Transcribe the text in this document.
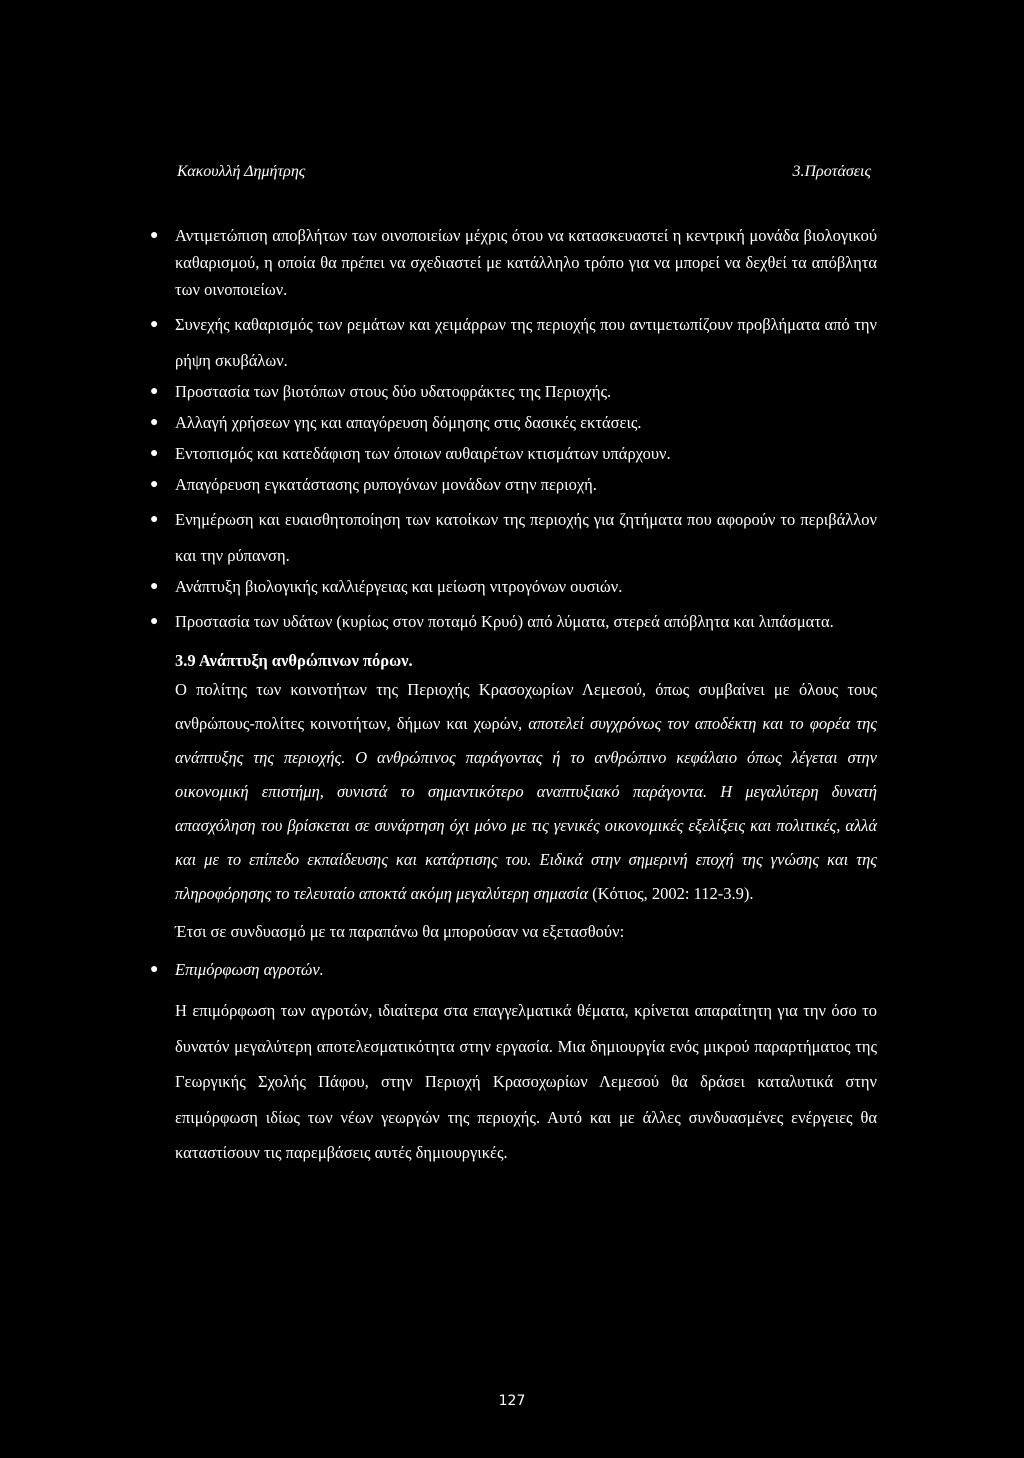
Κακουλλή Δημήτρης	3.Προτάσεις
● Αντιμετώπιση αποβλήτων των οινοποιείων μέχρις ότου να κατασκευαστεί η κεντρική μονάδα βιολογικού καθαρισμού, η οποία θα πρέπει να σχεδιαστεί με κατάλληλο τρόπο για να μπορεί να δεχθεί τα απόβλητα των οινοποιείων.
● Συνεχής καθαρισμός των ρεμάτων και χειμάρρων της περιοχής που αντιμετωπίζουν προβλήματα από την ρήψη σκυβάλων.
● Προστασία των βιοτόπων στους δύο υδατοφράκτες της Περιοχής.
● Αλλαγή χρήσεων γης και απαγόρευση δόμησης στις δασικές εκτάσεις.
● Εντοπισμός και κατεδάφιση των όποιων αυθαιρέτων κτισμάτων υπάρχουν.
● Απαγόρευση εγκατάστασης ρυπογόνων μονάδων στην περιοχή.
● Ενημέρωση και ευαισθητοποίηση των κατοίκων της περιοχής για ζητήματα που αφορούν το περιβάλλον και την ρύπανση.
● Ανάπτυξη βιολογικής καλλιέργειας και μείωση νιτρογόνων ουσιών.
● Προστασία των υδάτων (κυρίως στον ποταμό Κρυό) από λύματα, στερεά απόβλητα και λιπάσματα.
3.9 Ανάπτυξη ανθρώπινων πόρων.

Ο πολίτης των κοινοτήτων της Περιοχής Κρασοχωρίων Λεμεσού, όπως συμβαίνει με όλους τους ανθρώπους-πολίτες κοινοτήτων, δήμων και χωρών, αποτελεί συγχρόνως τον αποδέκτη και το φορέα της ανάπτυξης της περιοχής. Ο ανθρώπινος παράγοντας ή το ανθρώπινο κεφάλαιο όπως λέγεται στην οικονομική επιστήμη, συνιστά το σημαντικότερο αναπτυξιακό παράγοντα. Η μεγαλύτερη δυνατή απασχόληση του βρίσκεται σε συνάρτηση όχι μόνο με τις γενικές οικονομικές εξελίξεις και πολιτικές, αλλά και με το επίπεδο εκπαίδευσης και κατάρτισης του. Ειδικά στην σημερινή εποχή της γνώσης και της πληροφόρησης το τελευταίο αποκτά ακόμη μεγαλύτερη σημασία (Κότιος, 2002: 112-3.9).

Έτσι σε συνδυασμό με τα παραπάνω θα μπορούσαν να εξετασθούν:

● Επιμόρφωση αγροτών.

Η επιμόρφωση των αγροτών, ιδιαίτερα στα επαγγελματικά θέματα, κρίνεται απαραίτητη για την όσο το δυνατόν μεγαλύτερη αποτελεσματικότητα στην εργασία. Μια δημιουργία ενός μικρού παραρτήματος της Γεωργικής Σχολής Πάφου, στην Περιοχή Κρασοχωρίων Λεμεσού θα δράσει καταλυτικά στην επιμόρφωση ιδίως των νέων γεωργών της περιοχής. Αυτό και με άλλες συνδυασμένες ενέργειες θα καταστίσουν τις παρεμβάσεις αυτές δημιουργικές.

127
